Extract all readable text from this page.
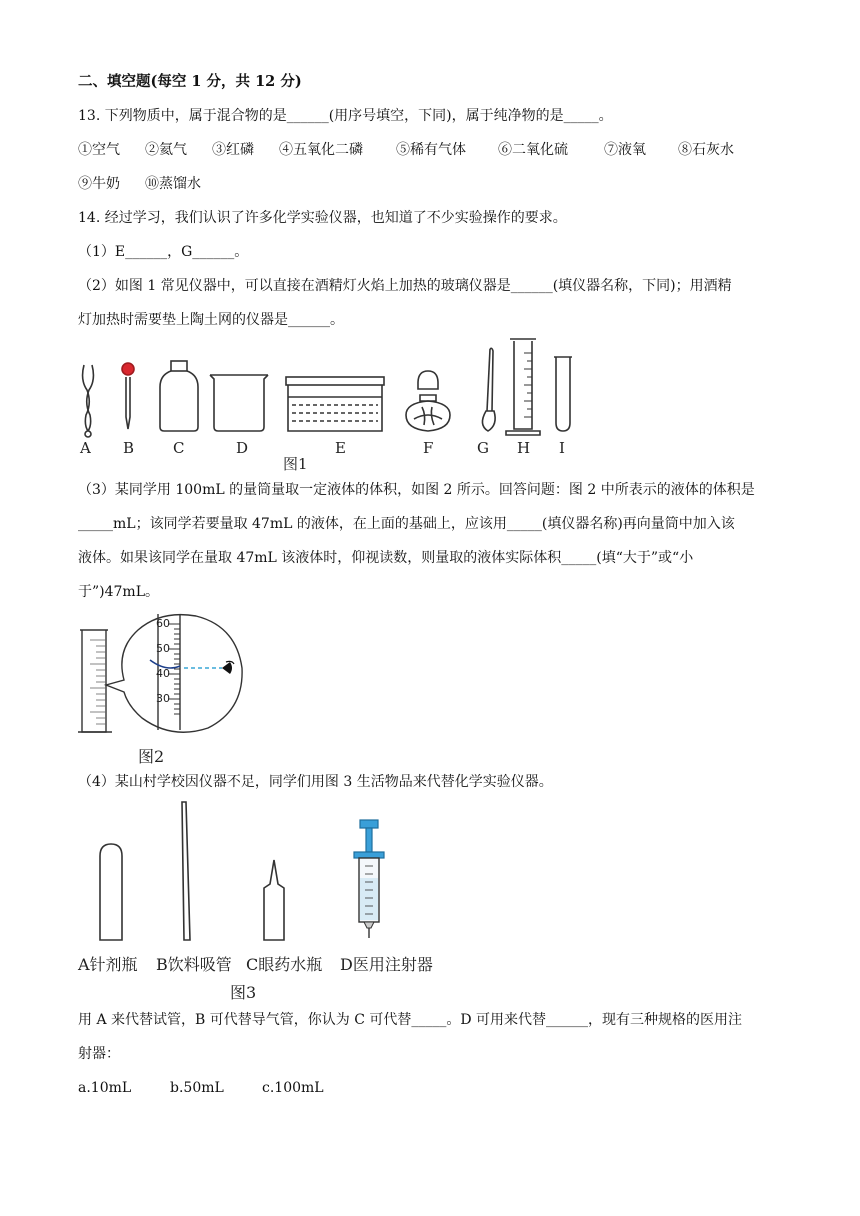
二、填空题(每空 1 分，共 12 分)
13. 下列物质中，属于混合物的是______(用序号填空，下同)，属于纯净物的是_____。
①空气 ②氦气 ③红磷 ④五氧化二磷 ⑤稀有气体 ⑥二氧化硫	⑦液氧 ⑧石灰水
⑨牛奶 ⑩蒸馏水
14. 经过学习，我们认识了许多化学实验仪器，也知道了不少实验操作的要求。
（1）E______，G______。
（2）如图 1 常见仪器中，可以直接在酒精灯火焰上加热的玻璃仪器是______(填仪器名称，下同)；用酒精
灯加热时需要垫上陶土网的仪器是______。
A B	C	D	E	F	G H I
图1
（3）某同学用 100mL 的量筒量取一定液体的体积，如图 2 所示。回答问题：图 2 中所表示的液体的体积是
_____mL；该同学若要量取 47mL 的液体，在上面的基础上，应该用_____(填仪器名称)再向量筒中加入该
液体。如果该同学在量取 47mL 该液体时，仰视读数，则量取的液体实际体积_____(填“大于”或“小
于”)47mL。
60
50
40
30
图2
（4）某山村学校因仪器不足，同学们用图 3 生活物品来代替化学实验仪器。
A针剂瓶 B饮料吸管 C眼药水瓶 D医用注射器
图3
用 A 来代替试管，B 可代替导气管，你认为 C 可代替_____。D 可用来代替______，现有三种规格的医用注
射器：
a.10mL	b.50mL	c.100mL
